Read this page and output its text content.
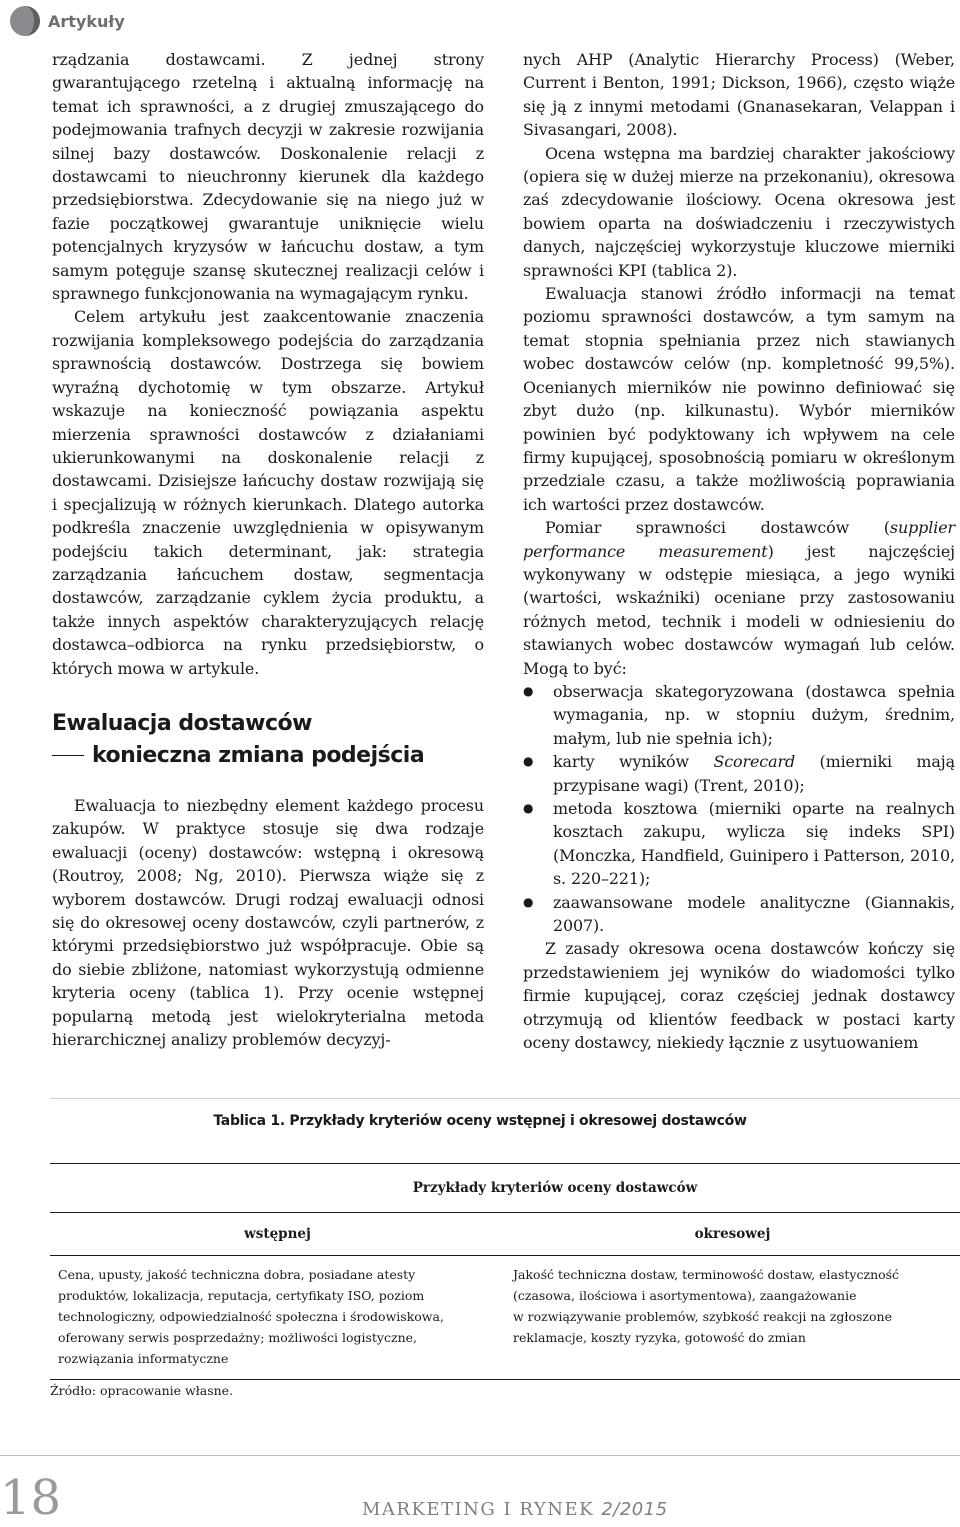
Artykuły

rządzania dostawcami. Z jednej strony gwarantującego rzetelną i aktualną informację na temat ich sprawności, a z drugiej zmuszającego do podejmowania trafnych decyzji w zakresie rozwijania silnej bazy dostawców. Doskonalenie relacji z dostawcami to nieuchronny kierunek dla każdego przedsiębiorstwa. Zdecydowanie się na niego już w fazie początkowej gwarantuje uniknięcie wielu potencjalnych kryzysów w łańcuchu dostaw, a tym samym potęguje szansę skutecznej realizacji celów i sprawnego funkcjonowania na wymagającym rynku.

Celem artykułu jest zaakcentowanie znaczenia rozwijania kompleksowego podejścia do zarządzania sprawnością dostawców. Dostrzega się bowiem wyraźną dychotomię w tym obszarze. Artykuł wskazuje na konieczność powiązania aspektu mierzenia sprawności dostawców z działaniami ukierunkowanymi na doskonalenie relacji z dostawcami. Dzisiejsze łańcuchy dostaw rozwijają się i specjalizują w różnych kierunkach. Dlatego autorka podkreśla znaczenie uwzględnienia w opisywanym podejściu takich determinant, jak: strategia zarządzania łańcuchem dostaw, segmentacja dostawców, zarządzanie cyklem życia produktu, a także innych aspektów charakteryzujących relację dostawca–odbiorca na rynku przedsiębiorstw, o których mowa w artykule.

Ewaluacja dostawców
konieczna zmiana podejścia

Ewaluacja to niezbędny element każdego procesu zakupów. W praktyce stosuje się dwa rodzaje ewaluacji (oceny) dostawców: wstępną i okresową (Routroy, 2008; Ng, 2010). Pierwsza wiąże się z wyborem dostawców. Drugi rodzaj ewaluacji odnosi się do okresowej oceny dostawców, czyli partnerów, z którymi przedsiębiorstwo już współpracuje. Obie są do siebie zbliżone, natomiast wykorzystują odmienne kryteria oceny (tablica 1). Przy ocenie wstępnej popularną metodą jest wielokryterialna metoda hierarchicznej analizy problemów decyzyj-

nych AHP (Analytic Hierarchy Process) (Weber, Current i Benton, 1991; Dickson, 1966), często wiąże się ją z innymi metodami (Gnanasekaran, Velappan i Sivasangari, 2008).

Ocena wstępna ma bardziej charakter jakościowy (opiera się w dużej mierze na przekonaniu), okresowa zaś zdecydowanie ilościowy. Ocena okresowa jest bowiem oparta na doświadczeniu i rzeczywistych danych, najczęściej wykorzystuje kluczowe mierniki sprawności KPI (tablica 2).

Ewaluacja stanowi źródło informacji na temat poziomu sprawności dostawców, a tym samym na temat stopnia spełniania przez nich stawianych wobec dostawców celów (np. kompletność 99,5%). Ocenianych mierników nie powinno definiować się zbyt dużo (np. kilkunastu). Wybór mierników powinien być podyktowany ich wpływem na cele firmy kupującej, sposobnością pomiaru w określonym przedziale czasu, a także możliwością poprawiania ich wartości przez dostawców.

Pomiar sprawności dostawców (supplier performance measurement) jest najczęściej wykonywany w odstępie miesiąca, a jego wyniki (wartości, wskaźniki) oceniane przy zastosowaniu różnych metod, technik i modeli w odniesieniu do stawianych wobec dostawców wymagań lub celów. Mogą to być:

● obserwacja skategoryzowana (dostawca spełnia wymagania, np. w stopniu dużym, średnim, małym, lub nie spełnia ich);
● karty wyników Scorecard (mierniki mają przypisane wagi) (Trent, 2010);
● metoda kosztowa (mierniki oparte na realnych kosztach zakupu, wylicza się indeks SPI) (Monczka, Handfield, Guinipero i Patterson, 2010, s. 220–221);
● zaawansowane modele analityczne (Giannakis, 2007).

Z zasady okresowa ocena dostawców kończy się przedstawieniem jej wyników do wiadomości tylko firmie kupującej, coraz częściej jednak dostawcy otrzymują od klientów feedback w postaci karty oceny dostawcy, niekiedy łącznie z usytuowaniem

Tablica 1. Przykłady kryteriów oceny wstępnej i okresowej dostawców
Przykłady kryteriów oceny dostawców
wstępnej	okresowej
Cena, upusty, jakość techniczna dobra, posiadane atesty
produktów, lokalizacja, reputacja, certyfikaty ISO, poziom
technologiczny, odpowiedzialność społeczna i środowiskowa,
oferowany serwis posprzedażny; możliwości logistyczne,
rozwiązania informatyczne
Jakość techniczna dostaw, terminowość dostaw, elastyczność
(czasowa, ilościowa i asortymentowa), zaangażowanie
w rozwiązywanie problemów, szybkość reakcji na zgłoszone
reklamacje, koszty ryzyka, gotowość do zmian
Źródło: opracowanie własne.
18	MARKETING I RYNEK 2/2015
